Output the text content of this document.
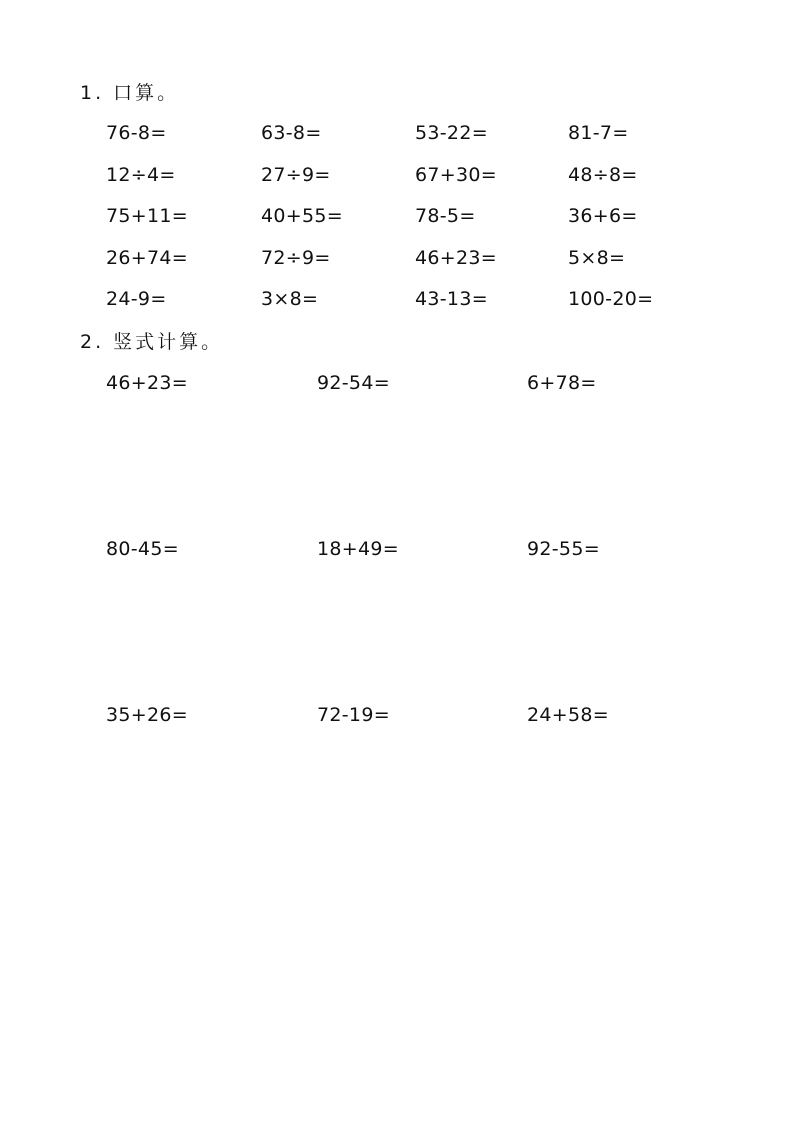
1. 口算。
76-8=	63-8=	53-22=	81-7=
12÷4=	27÷9=	67+30=	48÷8=
75+11=	40+55=	78-5=	36+6=
26+74=	72÷9=	46+23=	5×8=
24-9=	3×8=	43-13=	100-20=
2. 竖式计算。
46+23=	92-54=	6+78=
80-45=	18+49=	92-55=
35+26=	72-19=	24+58=
